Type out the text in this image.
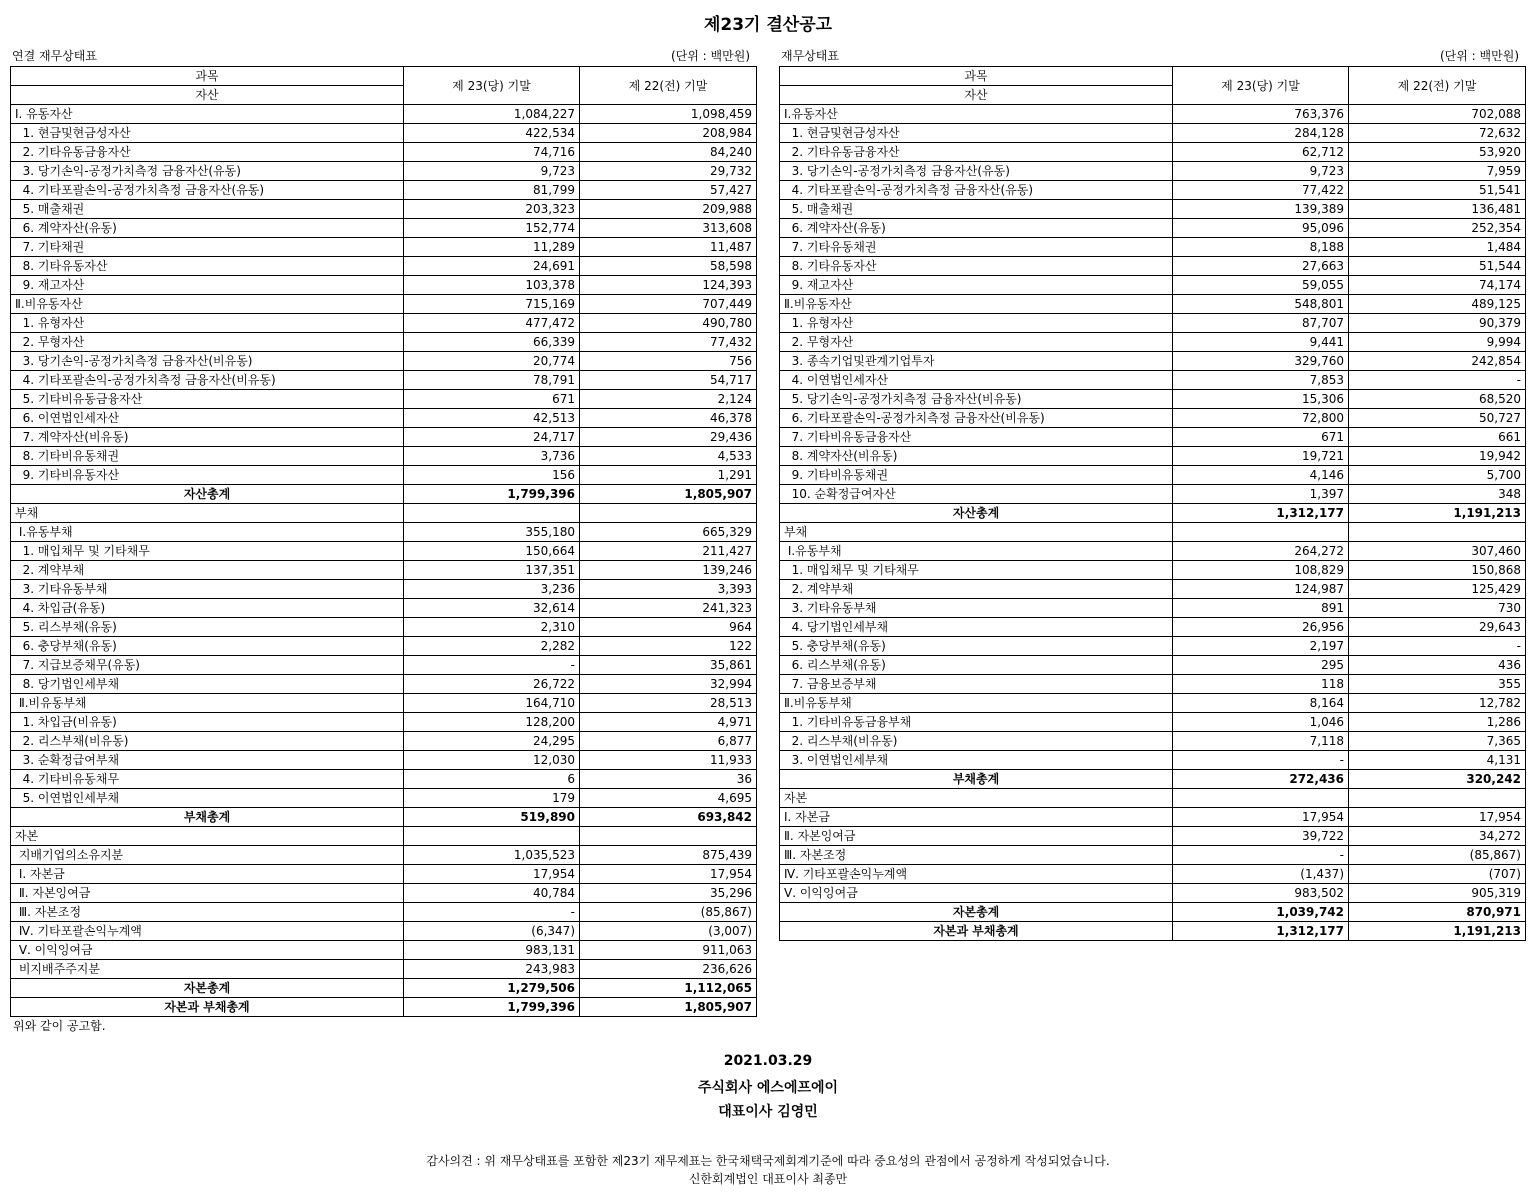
제23기 결산공고
연결 재무상태표	(단위 : 백만원)
과목	제 23(당) 기말	제 22(전) 기말
자산		
Ⅰ. 유동자산	1,084,227	1,098,459
1. 현금및현금성자산	422,534	208,984
2. 기타유동금융자산	74,716	84,240
3. 당기손익-공정가치측정 금융자산(유동)	9,723	29,732
4. 기타포괄손익-공정가치측정 금융자산(유동)	81,799	57,427
5. 매출채권	203,323	209,988
6. 계약자산(유동)	152,774	313,608
7. 기타채권	11,289	11,487
8. 기타유동자산	24,691	58,598
9. 재고자산	103,378	124,393
Ⅱ.비유동자산	715,169	707,449
1. 유형자산	477,472	490,780
2. 무형자산	66,339	77,432
3. 당기손익-공정가치측정 금융자산(비유동)	20,774	756
4. 기타포괄손익-공정가치측정 금융자산(비유동)	78,791	54,717
5. 기타비유동금융자산	671	2,124
6. 이연법인세자산	42,513	46,378
7. 계약자산(비유동)	24,717	29,436
8. 기타비유동채권	3,736	4,533
9. 기타비유동자산	156	1,291
자산총계	1,799,396	1,805,907
부채		
Ⅰ.유동부채	355,180	665,329
1. 매입채무 및 기타채무	150,664	211,427
2. 계약부채	137,351	139,246
3. 기타유동부채	3,236	3,393
4. 차입금(유동)	32,614	241,323
5. 리스부채(유동)	2,310	964
6. 충당부채(유동)	2,282	122
7. 지급보증채무(유동)	-	35,861
8. 당기법인세부채	26,722	32,994
Ⅱ.비유동부채	164,710	28,513
1. 차입금(비유동)	128,200	4,971
2. 리스부채(비유동)	24,295	6,877
3. 순확정급여부채	12,030	11,933
4. 기타비유동채무	6	36
5. 이연법인세부채	179	4,695
부채총계	519,890	693,842
자본		
지배기업의소유지분	1,035,523	875,439
Ⅰ. 자본금	17,954	17,954
Ⅱ. 자본잉여금	40,784	35,296
Ⅲ. 자본조정	-	(85,867)
Ⅳ. 기타포괄손익누계액	(6,347)	(3,007)
Ⅴ. 이익잉여금	983,131	911,063
비지배주주지분	243,983	236,626
자본총계	1,279,506	1,112,065
자본과 부채총계	1,799,396	1,805,907
재무상태표	(단위 : 백만원)
과목	제 23(당) 기말	제 22(전) 기말
자산		
Ⅰ.유동자산	763,376	702,088
1. 현금및현금성자산	284,128	72,632
2. 기타유동금융자산	62,712	53,920
3. 당기손익-공정가치측정 금융자산(유동)	9,723	7,959
4. 기타포괄손익-공정가치측정 금융자산(유동)	77,422	51,541
5. 매출채권	139,389	136,481
6. 계약자산(유동)	95,096	252,354
7. 기타유동채권	8,188	1,484
8. 기타유동자산	27,663	51,544
9. 재고자산	59,055	74,174
Ⅱ.비유동자산	548,801	489,125
1. 유형자산	87,707	90,379
2. 무형자산	9,441	9,994
3. 종속기업및관계기업투자	329,760	242,854
4. 이연법인세자산	7,853	-
5. 당기손익-공정가치측정 금융자산(비유동)	15,306	68,520
6. 기타포괄손익-공정가치측정 금융자산(비유동)	72,800	50,727
7. 기타비유동금융자산	671	661
8. 계약자산(비유동)	19,721	19,942
9. 기타비유동채권	4,146	5,700
10. 순확정급여자산	1,397	348
자산총계	1,312,177	1,191,213
부채		
Ⅰ.유동부채	264,272	307,460
1. 매입채무 및 기타채무	108,829	150,868
2. 계약부채	124,987	125,429
3. 기타유동부채	891	730
4. 당기법인세부채	26,956	29,643
5. 충당부채(유동)	2,197	-
6. 리스부채(유동)	295	436
7. 금융보증부채	118	355
Ⅱ.비유동부채	8,164	12,782
1. 기타비유동금융부채	1,046	1,286
2. 리스부채(비유동)	7,118	7,365
3. 이연법인세부채	-	4,131
부채총계	272,436	320,242
자본		
Ⅰ. 자본금	17,954	17,954
Ⅱ. 자본잉여금	39,722	34,272
Ⅲ. 자본조정	-	(85,867)
Ⅳ. 기타포괄손익누계액	(1,437)	(707)
Ⅴ. 이익잉여금	983,502	905,319
자본총계	1,039,742	870,971
자본과 부채총계	1,312,177	1,191,213
위와 같이 공고함.
2021.03.29
주식회사 에스에프에이
대표이사 김영민
감사의견 : 위 재무상태표를 포함한 제23기 재무제표는 한국채택국제회계기준에 따라 중요성의 관점에서 공정하게 작성되었습니다.
신한회계법인 대표이사 최종만
